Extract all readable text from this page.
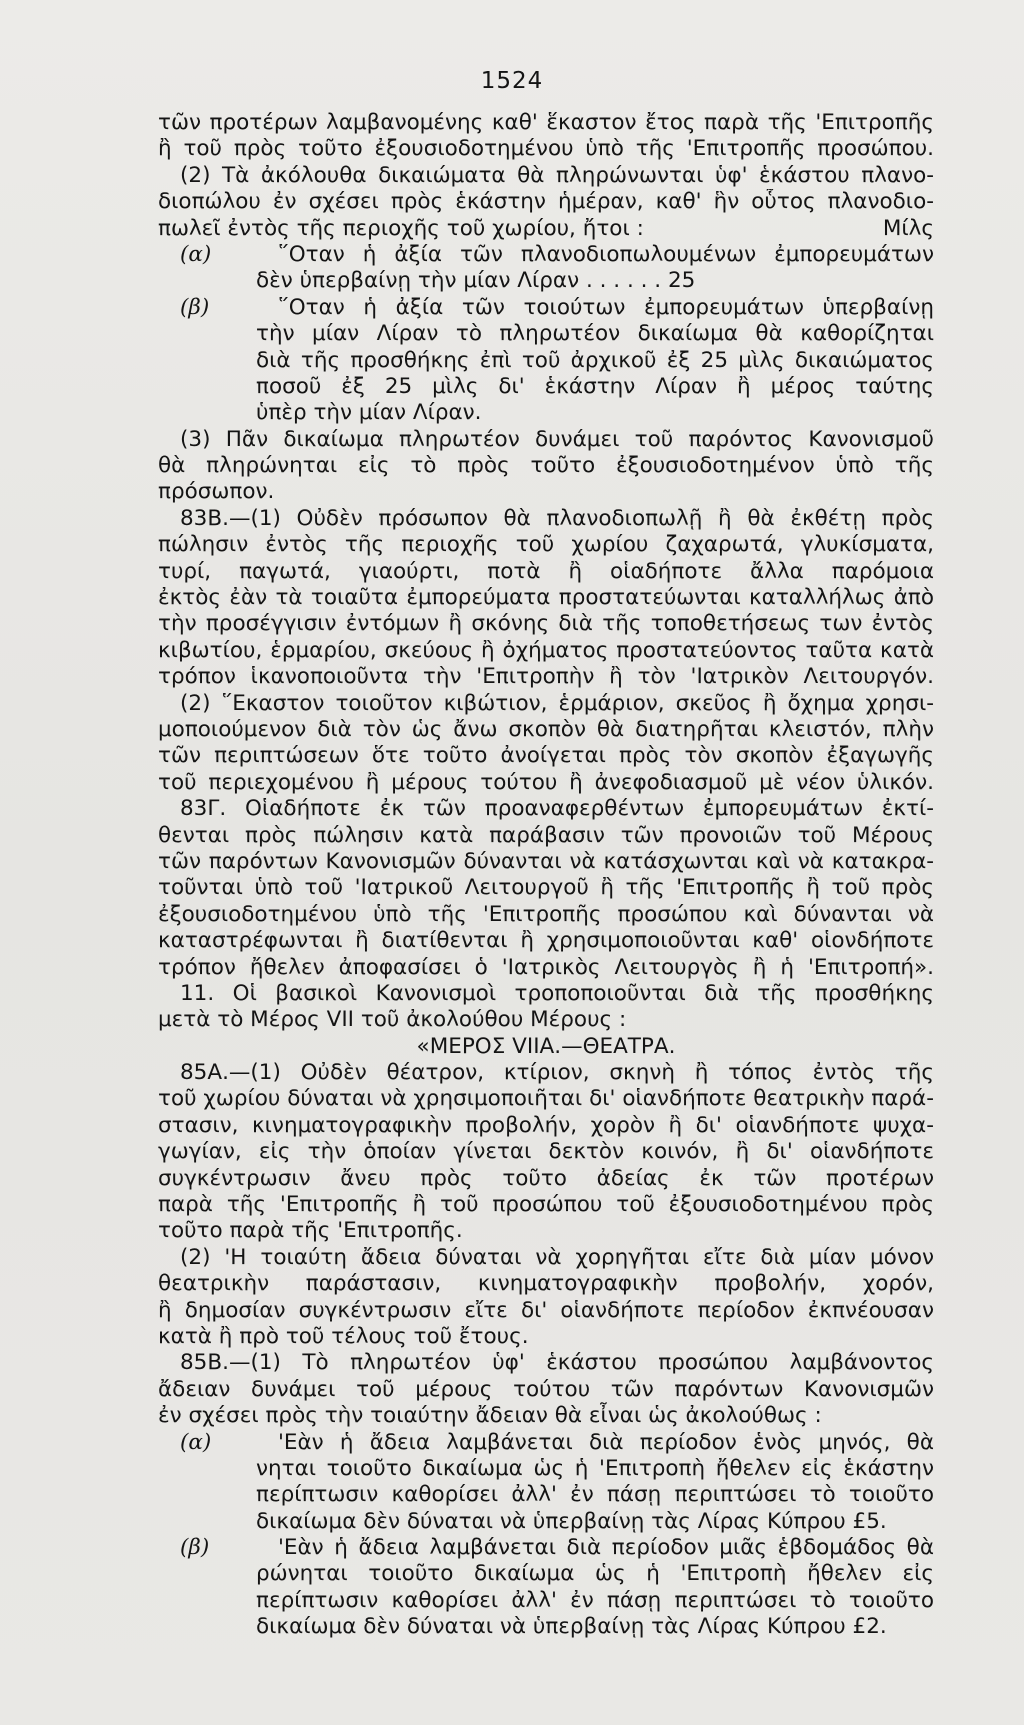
1524
τῶν προτέρων λαμβανομένης καθ' ἕκαστον ἔτος παρὰ τῆς 'Επιτροπῆς
ἢ τοῦ πρὸς τοῦτο ἐξουσιοδοτημένου ὑπὸ τῆς 'Επιτροπῆς προσώπου.
(2) Τὰ ἀκόλουθα δικαιώματα θὰ πληρώνωνται ὑφ' ἑκάστου πλανο-
διοπώλου ἐν σχέσει πρὸς ἑκάστην ἡμέραν, καθ' ἣν οὗτος πλανοδιο-
πωλεῖ ἐντὸς τῆς περιοχῆς τοῦ χωρίου, ἤτοι :	Μίλς
(α)	῞Οταν ἡ ἀξία τῶν πλανοδιοπωλουμένων ἐμπορευμάτων
δὲν ὑπερβαίνῃ τὴν μίαν Λίραν . . . . . . 25
(β)	῞Οταν ἡ ἀξία τῶν τοιούτων ἐμπορευμάτων ὑπερβαίνῃ
τὴν μίαν Λίραν τὸ πληρωτέον δικαίωμα θὰ καθορίζηται
διὰ τῆς προσθήκης ἐπὶ τοῦ ἀρχικοῦ ἐξ 25 μὶλς δικαιώματος
ποσοῦ ἐξ 25 μὶλς δι' ἑκάστην Λίραν ἢ μέρος ταύτης
ὑπὲρ τὴν μίαν Λίραν.
(3) Πᾶν δικαίωμα πληρωτέον δυνάμει τοῦ παρόντος Κανονισμοῦ
θὰ πληρώνηται εἰς τὸ πρὸς τοῦτο ἐξουσιοδοτημένον ὑπὸ τῆς
πρόσωπον.
83Β.—(1) Οὐδὲν πρόσωπον θὰ πλανοδιοπωλῇ ἢ θὰ ἐκθέτῃ πρὸς
πώλησιν ἐντὸς τῆς περιοχῆς τοῦ χωρίου ζαχαρωτά, γλυκίσματα,
τυρί, παγωτά, γιαούρτι, ποτὰ ἢ οἱαδήποτε ἄλλα παρόμοια
ἐκτὸς ἐὰν τὰ τοιαῦτα ἐμπορεύματα προστατεύωνται καταλλήλως ἀπὸ
τὴν προσέγγισιν ἐντόμων ἢ σκόνης διὰ τῆς τοποθετήσεως των ἐντὸς
κιβωτίου, ἑρμαρίου, σκεύους ἢ ὀχήματος προστατεύοντος ταῦτα κατὰ
τρόπον ἱκανοποιοῦντα τὴν 'Επιτροπὴν ἢ τὸν 'Ιατρικὸν Λειτουργόν.
(2) ῞Εκαστον τοιοῦτον κιβώτιον, ἑρμάριον, σκεῦος ἢ ὄχημα χρησι-
μοποιούμενον διὰ τὸν ὡς ἄνω σκοπὸν θὰ διατηρῆται κλειστόν, πλὴν
τῶν περιπτώσεων ὅτε τοῦτο ἀνοίγεται πρὸς τὸν σκοπὸν ἐξαγωγῆς
τοῦ περιεχομένου ἢ μέρους τούτου ἢ ἀνεφοδιασμοῦ μὲ νέον ὑλικόν.
83Γ. Οἱαδήποτε ἐκ τῶν προαναφερθέντων ἐμπορευμάτων ἐκτί-
θενται πρὸς πώλησιν κατὰ παράβασιν τῶν προνοιῶν τοῦ Μέρους
τῶν παρόντων Κανονισμῶν δύνανται νὰ κατάσχωνται καὶ νὰ κατακρα-
τοῦνται ὑπὸ τοῦ 'Ιατρικοῦ Λειτουργοῦ ἢ τῆς 'Επιτροπῆς ἢ τοῦ πρὸς
ἐξουσιοδοτημένου ὑπὸ τῆς 'Επιτροπῆς προσώπου καὶ δύνανται νὰ
καταστρέφωνται ἢ διατίθενται ἢ χρησιμοποιοῦνται καθ' οἱονδήποτε
τρόπον ἤθελεν ἀποφασίσει ὁ 'Ιατρικὸς Λειτουργὸς ἢ ἡ 'Επιτροπή».
11. Οἱ βασικοὶ Κανονισμοὶ τροποποιοῦνται διὰ τῆς προσθήκης
μετὰ τὸ Μέρος VII τοῦ ἀκολούθου Μέρους :
«ΜΕΡΟΣ VIIΑ.—ΘΕΑΤΡΑ.
85Α.—(1) Οὐδὲν θέατρον, κτίριον, σκηνὴ ἢ τόπος ἐντὸς τῆς
τοῦ χωρίου δύναται νὰ χρησιμοποιῆται δι' οἱανδήποτε θεατρικὴν παρά-
στασιν, κινηματογραφικὴν προβολήν, χορὸν ἢ δι' οἱανδήποτε ψυχα-
γωγίαν, εἰς τὴν ὁποίαν γίνεται δεκτὸν κοινόν, ἢ δι' οἱανδήποτε
συγκέντρωσιν ἄνευ πρὸς τοῦτο ἀδείας ἐκ τῶν προτέρων
παρὰ τῆς 'Επιτροπῆς ἢ τοῦ προσώπου τοῦ ἐξουσιοδοτημένου πρὸς
τοῦτο παρὰ τῆς 'Επιτροπῆς.
(2) 'Η τοιαύτη ἄδεια δύναται νὰ χορηγῆται εἴτε διὰ μίαν μόνον
θεατρικὴν παράστασιν, κινηματογραφικὴν προβολήν, χορόν,
ἢ δημοσίαν συγκέντρωσιν εἴτε δι' οἱανδήποτε περίοδον ἐκπνέουσαν
κατὰ ἢ πρὸ τοῦ τέλους τοῦ ἔτους.
85Β.—(1) Τὸ πληρωτέον ὑφ' ἑκάστου προσώπου λαμβάνοντος
ἄδειαν δυνάμει τοῦ μέρους τούτου τῶν παρόντων Κανονισμῶν
ἐν σχέσει πρὸς τὴν τοιαύτην ἄδειαν θὰ εἶναι ὡς ἀκολούθως :
(α)	'Εὰν ἡ ἄδεια λαμβάνεται διὰ περίοδον ἑνὸς μηνός, θὰ
νηται τοιοῦτο δικαίωμα ὡς ἡ 'Επιτροπὴ ἤθελεν εἰς ἑκάστην
περίπτωσιν καθορίσει ἀλλ' ἐν πάσῃ περιπτώσει τὸ τοιοῦτο
δικαίωμα δὲν δύναται νὰ ὑπερβαίνῃ τὰς Λίρας Κύπρου £5.
(β)	'Εὰν ἡ ἄδεια λαμβάνεται διὰ περίοδον μιᾶς ἑβδομάδος θὰ
ρώνηται τοιοῦτο δικαίωμα ὡς ἡ 'Επιτροπὴ ἤθελεν εἰς
περίπτωσιν καθορίσει ἀλλ' ἐν πάσῃ περιπτώσει τὸ τοιοῦτο
δικαίωμα δὲν δύναται νὰ ὑπερβαίνῃ τὰς Λίρας Κύπρου £2.
